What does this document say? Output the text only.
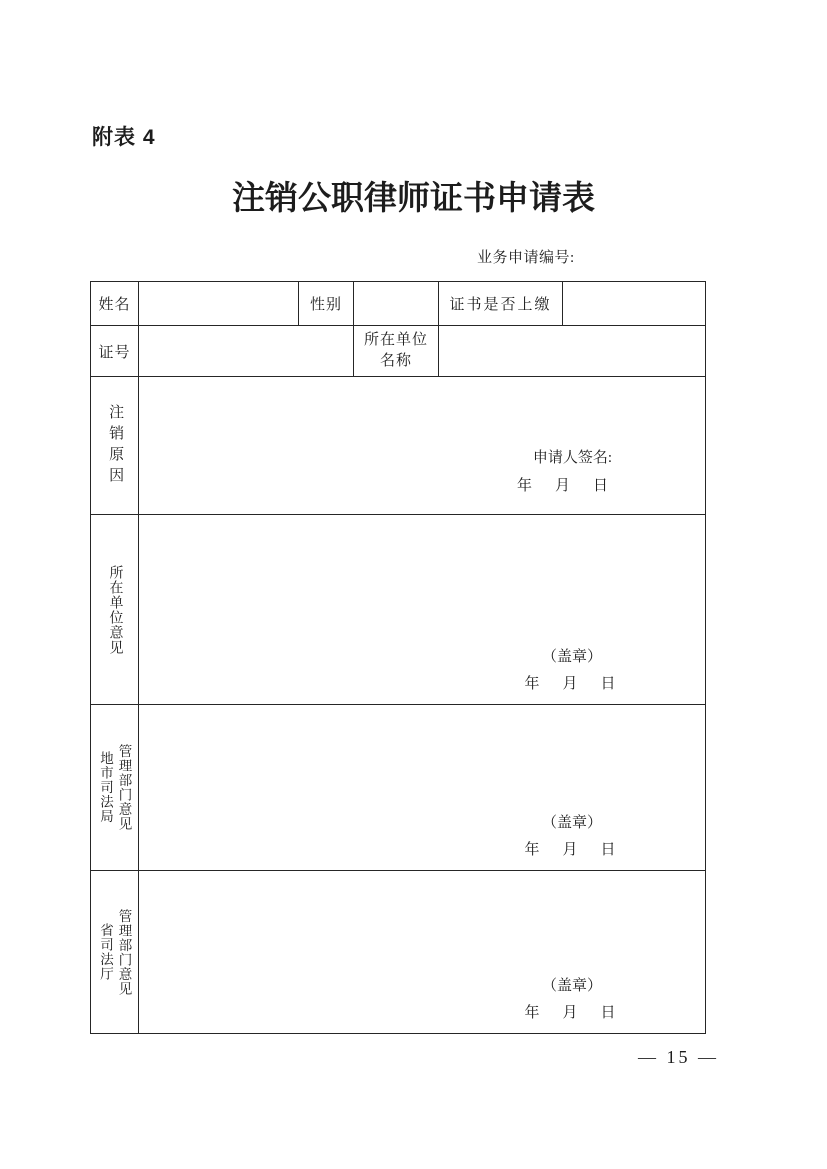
附表 4
注销公职律师证书申请表
业务申请编号:
姓名		性别		证书是否上缴	
证号			所在单位
名称		

注销原因	申请人签名:
年　月　日				

所在单位意见	（盖章）
年　月　日				

地市司法局 管理部门意见	（盖章）
年　月　日

省司法厅 管理部门意见	（盖章）
年　月　日
— 15 —
